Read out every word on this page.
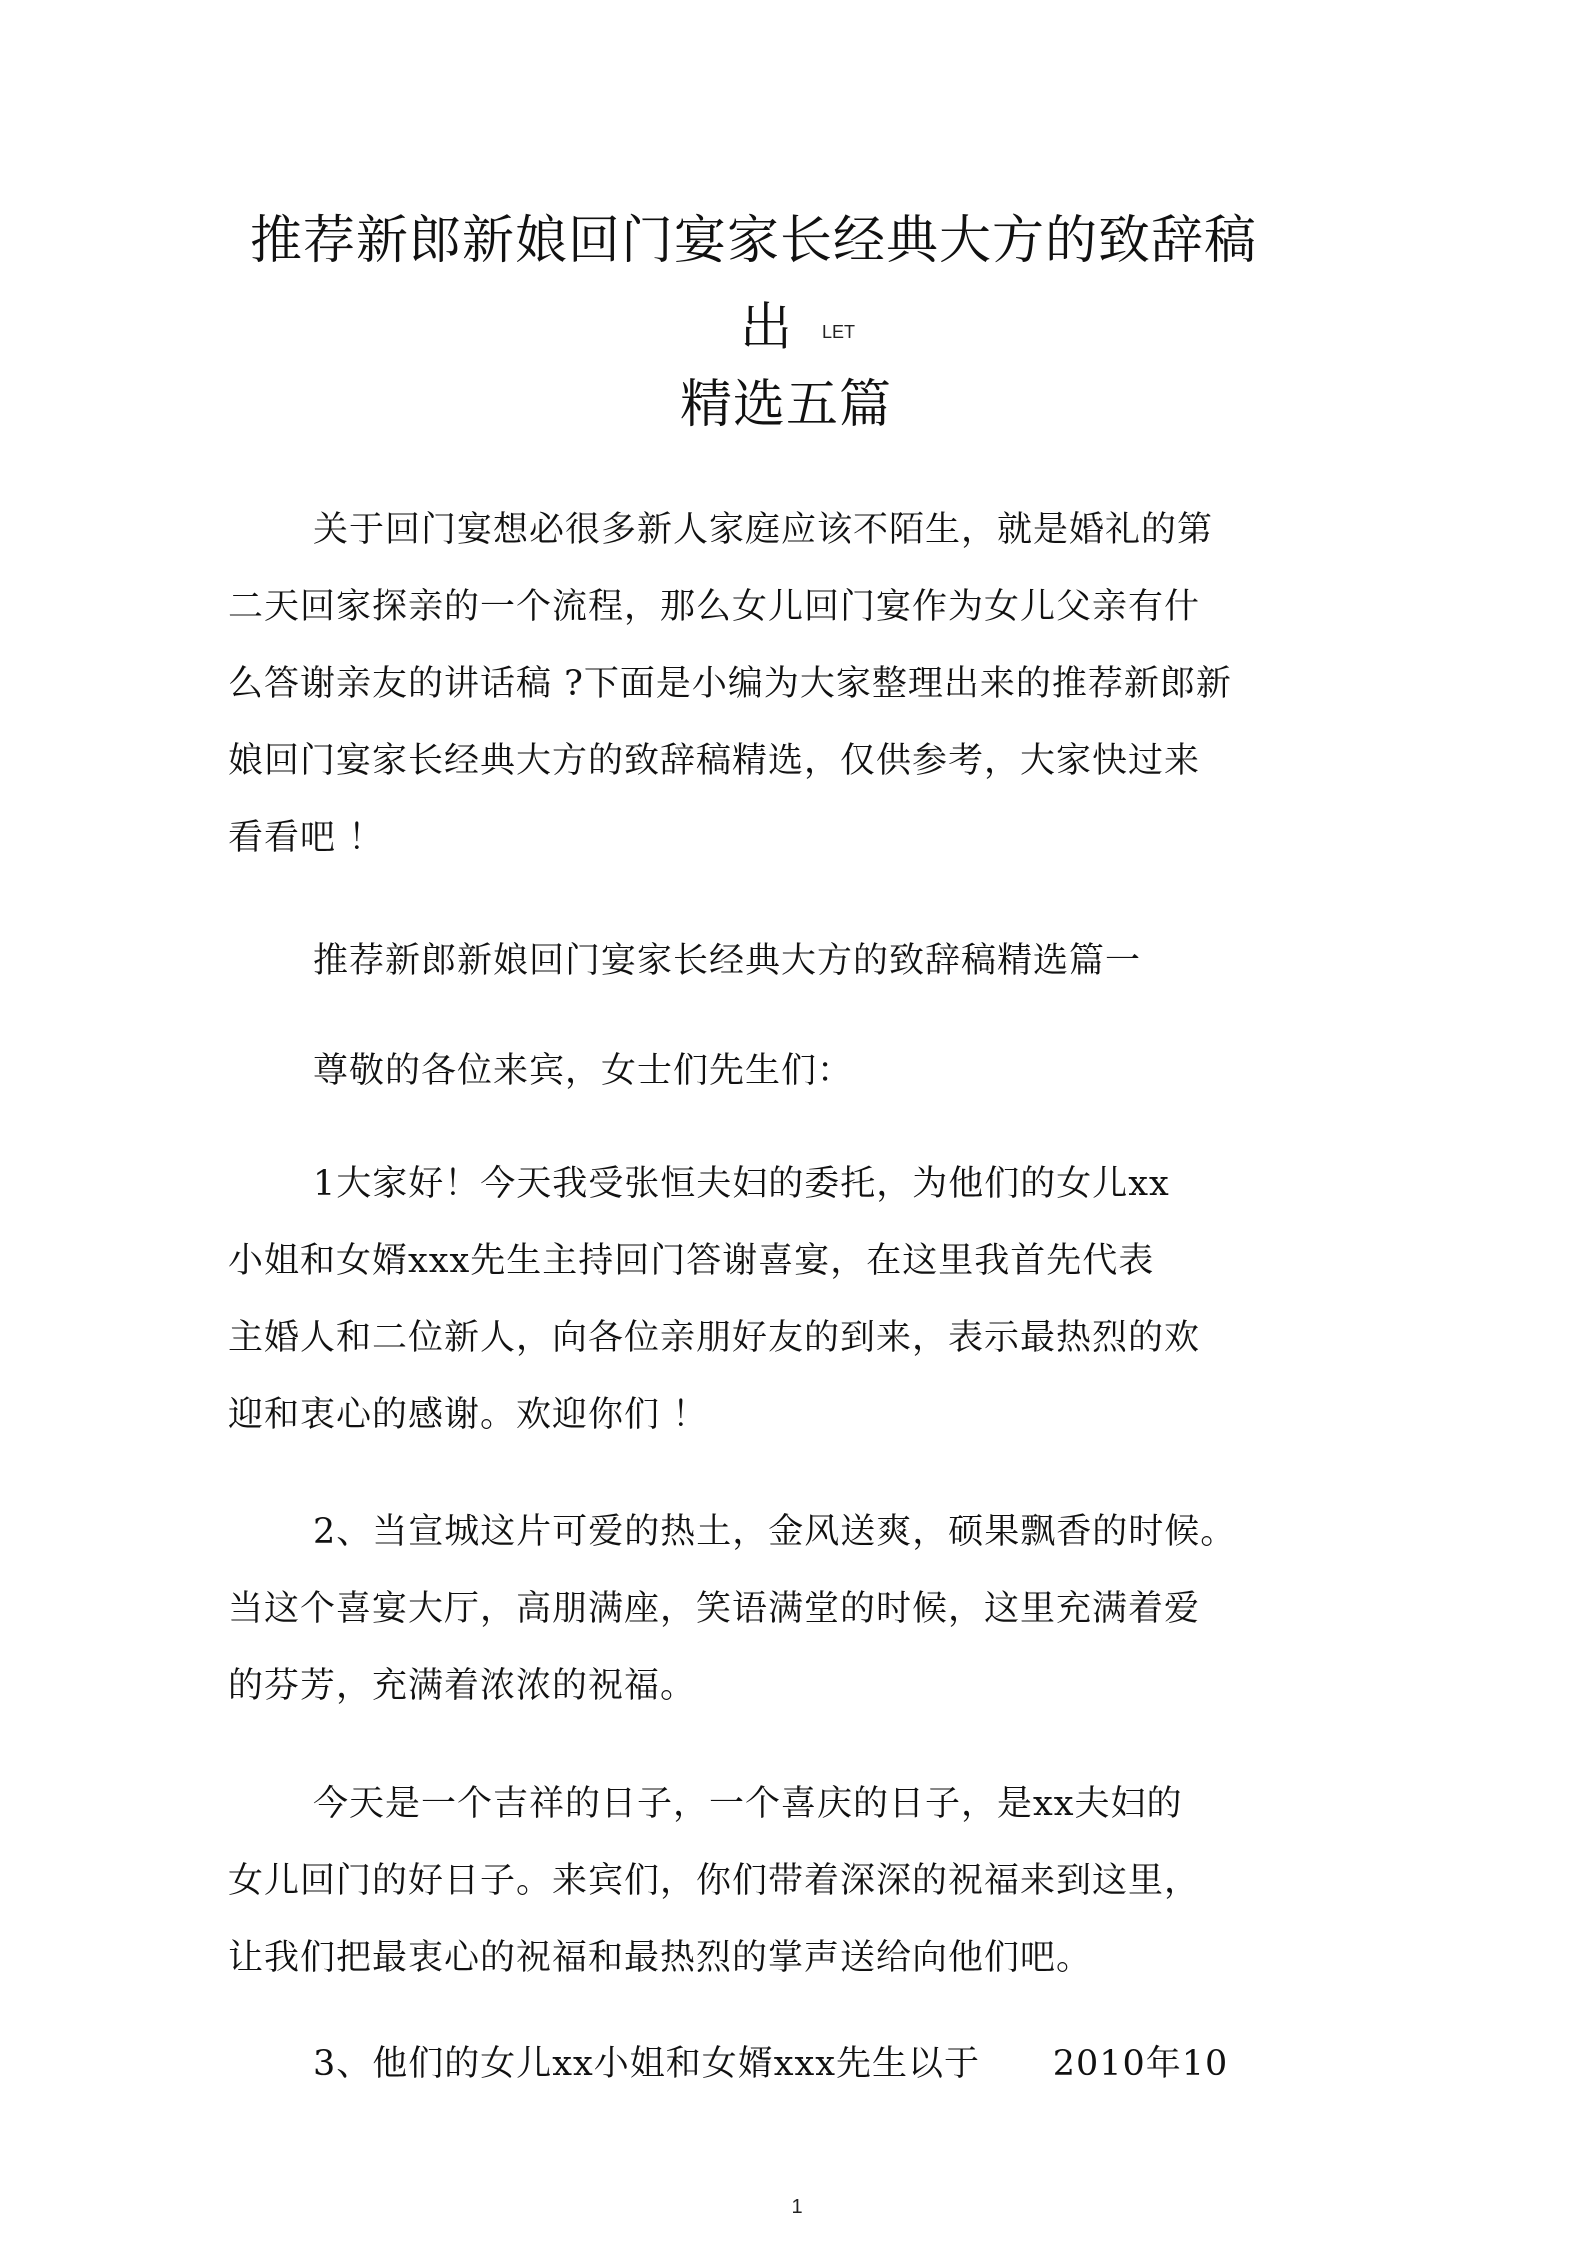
推荐新郎新娘回门宴家长经典大方的致辞稿
出 LET
精选五篇
关于回门宴想必很多新人家庭应该不陌生，就是婚礼的第
二天回家探亲的一个流程，那么女儿回门宴作为女儿父亲有什
么答谢亲友的讲话稿 ?下面是小编为大家整理出来的推荐新郎新
娘回门宴家长经典大方的致辞稿精选，仅供参考，大家快过来
看看吧 ！
推荐新郎新娘回门宴家长经典大方的致辞稿精选篇一
尊敬的各位来宾，女士们先生们：
1大家好！今天我受张恒夫妇的委托，为他们的女儿xx
小姐和女婿xxx先生主持回门答谢喜宴，在这里我首先代表
主婚人和二位新人，向各位亲朋好友的到来，表示最热烈的欢
迎和衷心的感谢。欢迎你们 ！
2、当宣城这片可爱的热土，金风送爽，硕果飘香的时候。
当这个喜宴大厅，高朋满座，笑语满堂的时候，这里充满着爱
的芬芳，充满着浓浓的祝福。
今天是一个吉祥的日子，一个喜庆的日子，是xx夫妇的
女儿回门的好日子。来宾们，你们带着深深的祝福来到这里，
让我们把最衷心的祝福和最热烈的掌声送给向他们吧。
3、他们的女儿xx小姐和女婿xxx先生以于      2010年10
1
